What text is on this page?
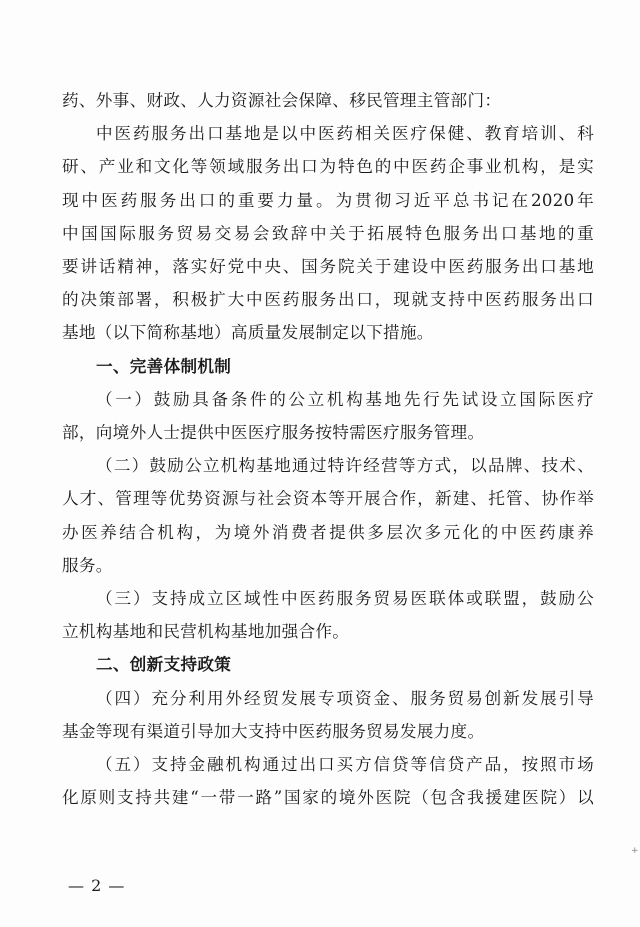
药、外事、财政、人力资源社会保障、移民管理主管部门：
中医药服务出口基地是以中医药相关医疗保健、教育培训、科
研、产业和文化等领域服务出口为特色的中医药企事业机构，是实
现中医药服务出口的重要力量。为贯彻习近平总书记在2020年
中国国际服务贸易交易会致辞中关于拓展特色服务出口基地的重
要讲话精神，落实好党中央、国务院关于建设中医药服务出口基地
的决策部署，积极扩大中医药服务出口，现就支持中医药服务出口
基地（以下简称基地）高质量发展制定以下措施。
一、完善体制机制
（一）鼓励具备条件的公立机构基地先行先试设立国际医疗
部，向境外人士提供中医医疗服务按特需医疗服务管理。
（二）鼓励公立机构基地通过特许经营等方式，以品牌、技术、
人才、管理等优势资源与社会资本等开展合作，新建、托管、协作举
办医养结合机构，为境外消费者提供多层次多元化的中医药康养
服务。
（三）支持成立区域性中医药服务贸易医联体或联盟，鼓励公
立机构基地和民营机构基地加强合作。
二、创新支持政策
（四）充分利用外经贸发展专项资金、服务贸易创新发展引导
基金等现有渠道引导加大支持中医药服务贸易发展力度。
（五）支持金融机构通过出口买方信贷等信贷产品，按照市场
化原则支持共建“一带一路”国家的境外医院（包含我援建医院）以
— 2 —
+
